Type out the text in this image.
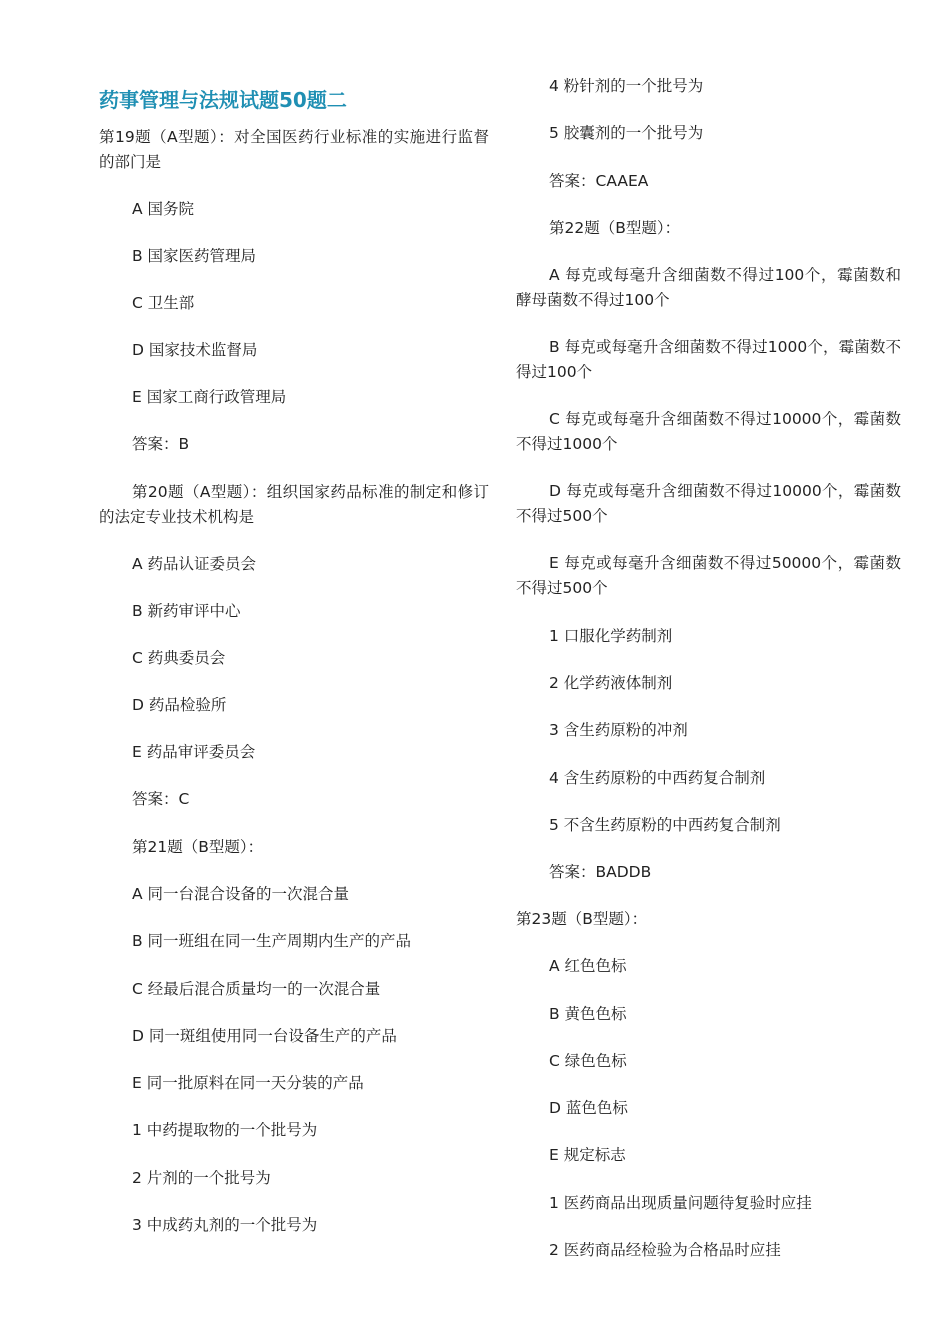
药事管理与法规试题50题二
第19题（A型题）：对全国医药行业标准的实施进行监督的部门是
A 国务院
B 国家医药管理局
C 卫生部
D 国家技术监督局
E 国家工商行政管理局
答案：B
第20题（A型题）：组织国家药品标准的制定和修订的法定专业技术机构是
A 药品认证委员会
B 新药审评中心
C 药典委员会
D 药品检验所
E 药品审评委员会
答案：C
第21题（B型题）：
A 同一台混合设备的一次混合量
B 同一班组在同一生产周期内生产的产品
C 经最后混合质量均一的一次混合量
D 同一斑组使用同一台设备生产的产品
E 同一批原料在同一天分装的产品
1 中药提取物的一个批号为
2 片剂的一个批号为
3 中成药丸剂的一个批号为
4 粉针剂的一个批号为
5 胶囊剂的一个批号为
答案：CAAEA
第22题（B型题）：
A 每克或每毫升含细菌数不得过100个，霉菌数和酵母菌数不得过100个
B 每克或每毫升含细菌数不得过1000个，霉菌数不得过100个
C 每克或每毫升含细菌数不得过10000个，霉菌数不得过1000个
D 每克或每毫升含细菌数不得过10000个，霉菌数不得过500个
E 每克或每毫升含细菌数不得过50000个，霉菌数不得过500个
1 口服化学药制剂
2 化学药液体制剂
3 含生药原粉的冲剂
4 含生药原粉的中西药复合制剂
5 不含生药原粉的中西药复合制剂
答案：BADDB
第23题（B型题）：
A 红色色标
B 黄色色标
C 绿色色标
D 蓝色色标
E 规定标志
1 医药商品出现质量问题待复验时应挂
2 医药商品经检验为合格品时应挂
